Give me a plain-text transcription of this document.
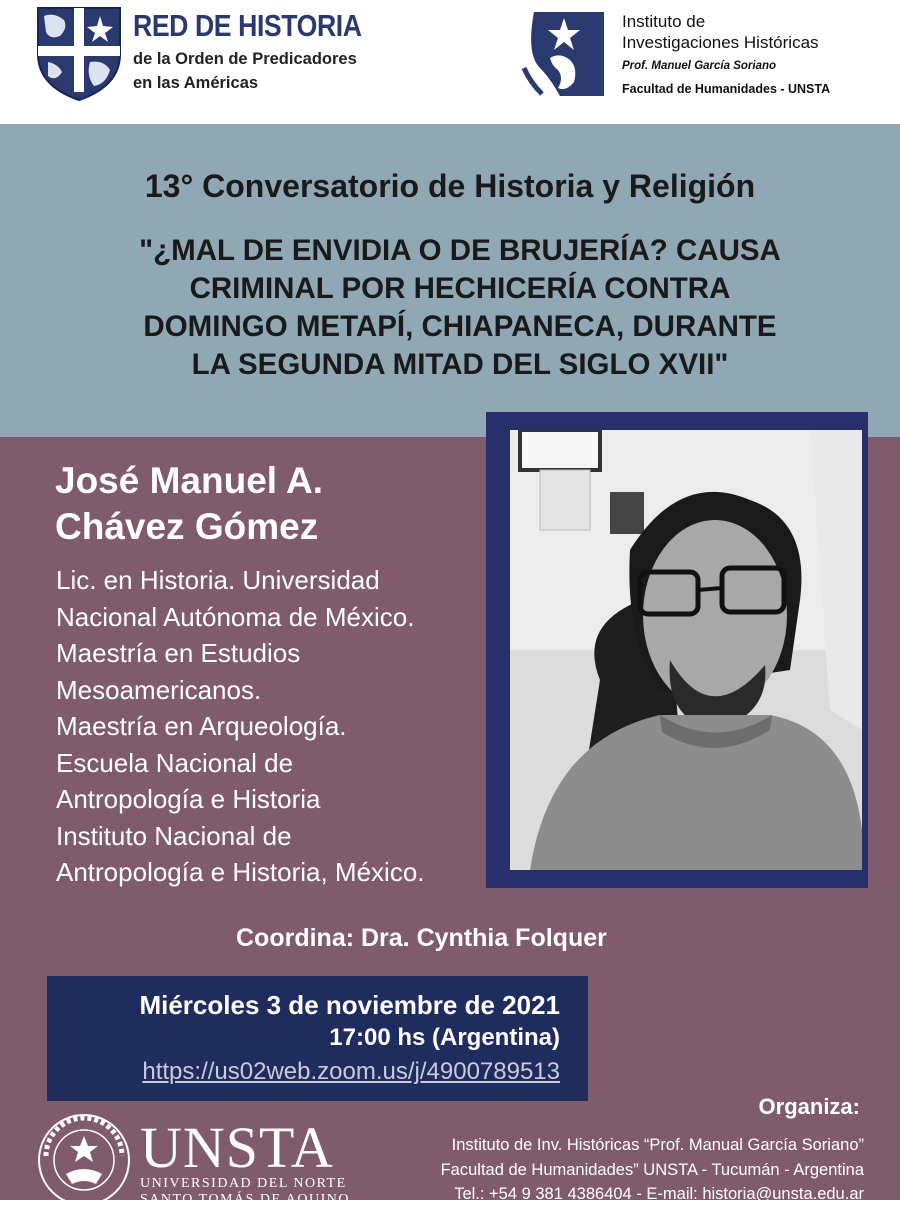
RED DE HISTORIA
de la Orden de Predicadores
en las Américas
Instituto de
Investigaciones Históricas
Prof. Manuel García Soriano
Facultad de Humanidades - UNSTA
13° Conversatorio de Historia y Religión
"¿MAL DE ENVIDIA O DE BRUJERÍA? CAUSA
CRIMINAL POR HECHICERÍA CONTRA
DOMINGO METAPÍ, CHIAPANECA, DURANTE
LA SEGUNDA MITAD DEL SIGLO XVII"
José Manuel A.
Chávez Gómez
Lic. en Historia. Universidad
Nacional Autónoma de México.
Maestría en Estudios
Mesoamericanos.
Maestría en Arqueología.
Escuela Nacional de
Antropología e Historia
Instituto Nacional de
Antropología e Historia, México.
Coordina: Dra. Cynthia Folquer
Miércoles 3 de noviembre de 2021
17:00 hs (Argentina)
https://us02web.zoom.us/j/4900789513
Organiza:
Instituto de Inv. Históricas “Prof. Manual García Soriano”
Facultad de Humanidades” UNSTA - Tucumán - Argentina
Tel.: +54 9 381 4386404 - E-mail: historia@unsta.edu.ar
UNSTA
UNIVERSIDAD DEL NORTE
SANTO TOMÁS DE AQUINO
